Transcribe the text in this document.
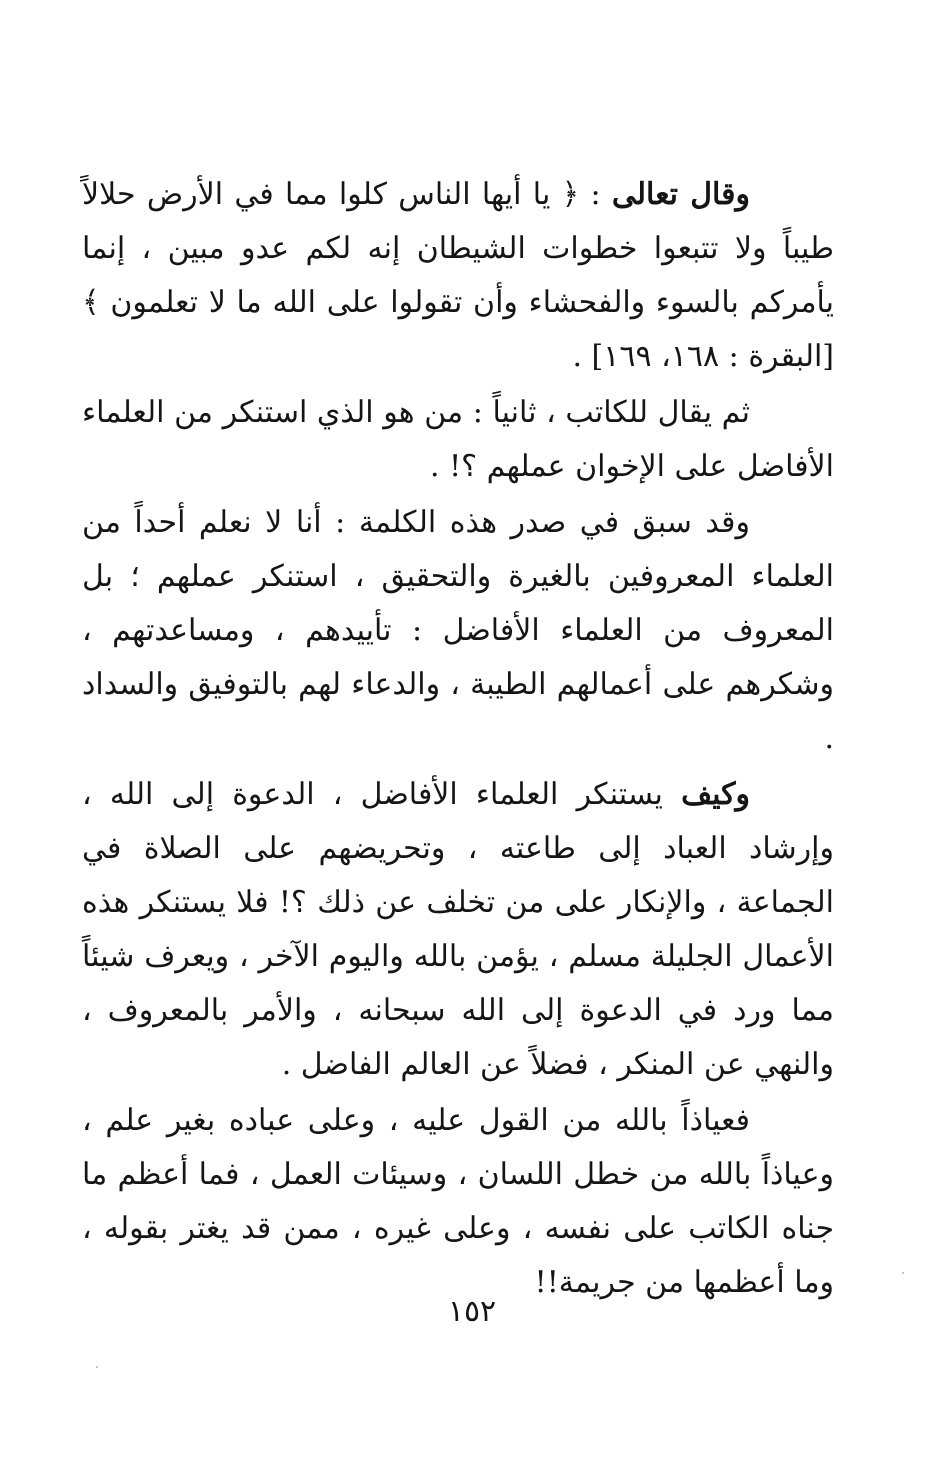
وقال تعالى : ﴿ يا أيها الناس كلوا مما في الأرض حلالاً طيباً ولا تتبعوا خطوات الشيطان إنه لكم عدو مبين ، إنما يأمركم بالسوء والفحشاء وأن تقولوا على الله ما لا تعلمون ﴾ [البقرة : ١٦٨، ١٦٩] .

ثم يقال للكاتب ، ثانياً : من هو الذي استنكر من العلماء الأفاضل على الإخوان عملهم ؟! .

وقد سبق في صدر هذه الكلمة : أنا لا نعلم أحداً من العلماء المعروفين بالغيرة والتحقيق ، استنكر عملهم ؛ بل المعروف من العلماء الأفاضل : تأييدهم ، ومساعدتهم ، وشكرهم على أعمالهم الطيبة ، والدعاء لهم بالتوفيق والسداد .

وكيف يستنكر العلماء الأفاضل ، الدعوة إلى الله ، وإرشاد العباد إلى طاعته ، وتحريضهم على الصلاة في الجماعة ، والإنكار على من تخلف عن ذلك ؟! فلا يستنكر هذه الأعمال الجليلة مسلم ، يؤمن بالله واليوم الآخر ، ويعرف شيئاً مما ورد في الدعوة إلى الله سبحانه ، والأمر بالمعروف ، والنهي عن المنكر ، فضلاً عن العالم الفاضل .

فعياذاً بالله من القول عليه ، وعلى عباده بغير علم ، وعياذاً بالله من خطل اللسان ، وسيئات العمل ، فما أعظم ما جناه الكاتب على نفسه ، وعلى غيره ، ممن قد يغتر بقوله ، وما أعظمها من جريمة!!

١٥٢
